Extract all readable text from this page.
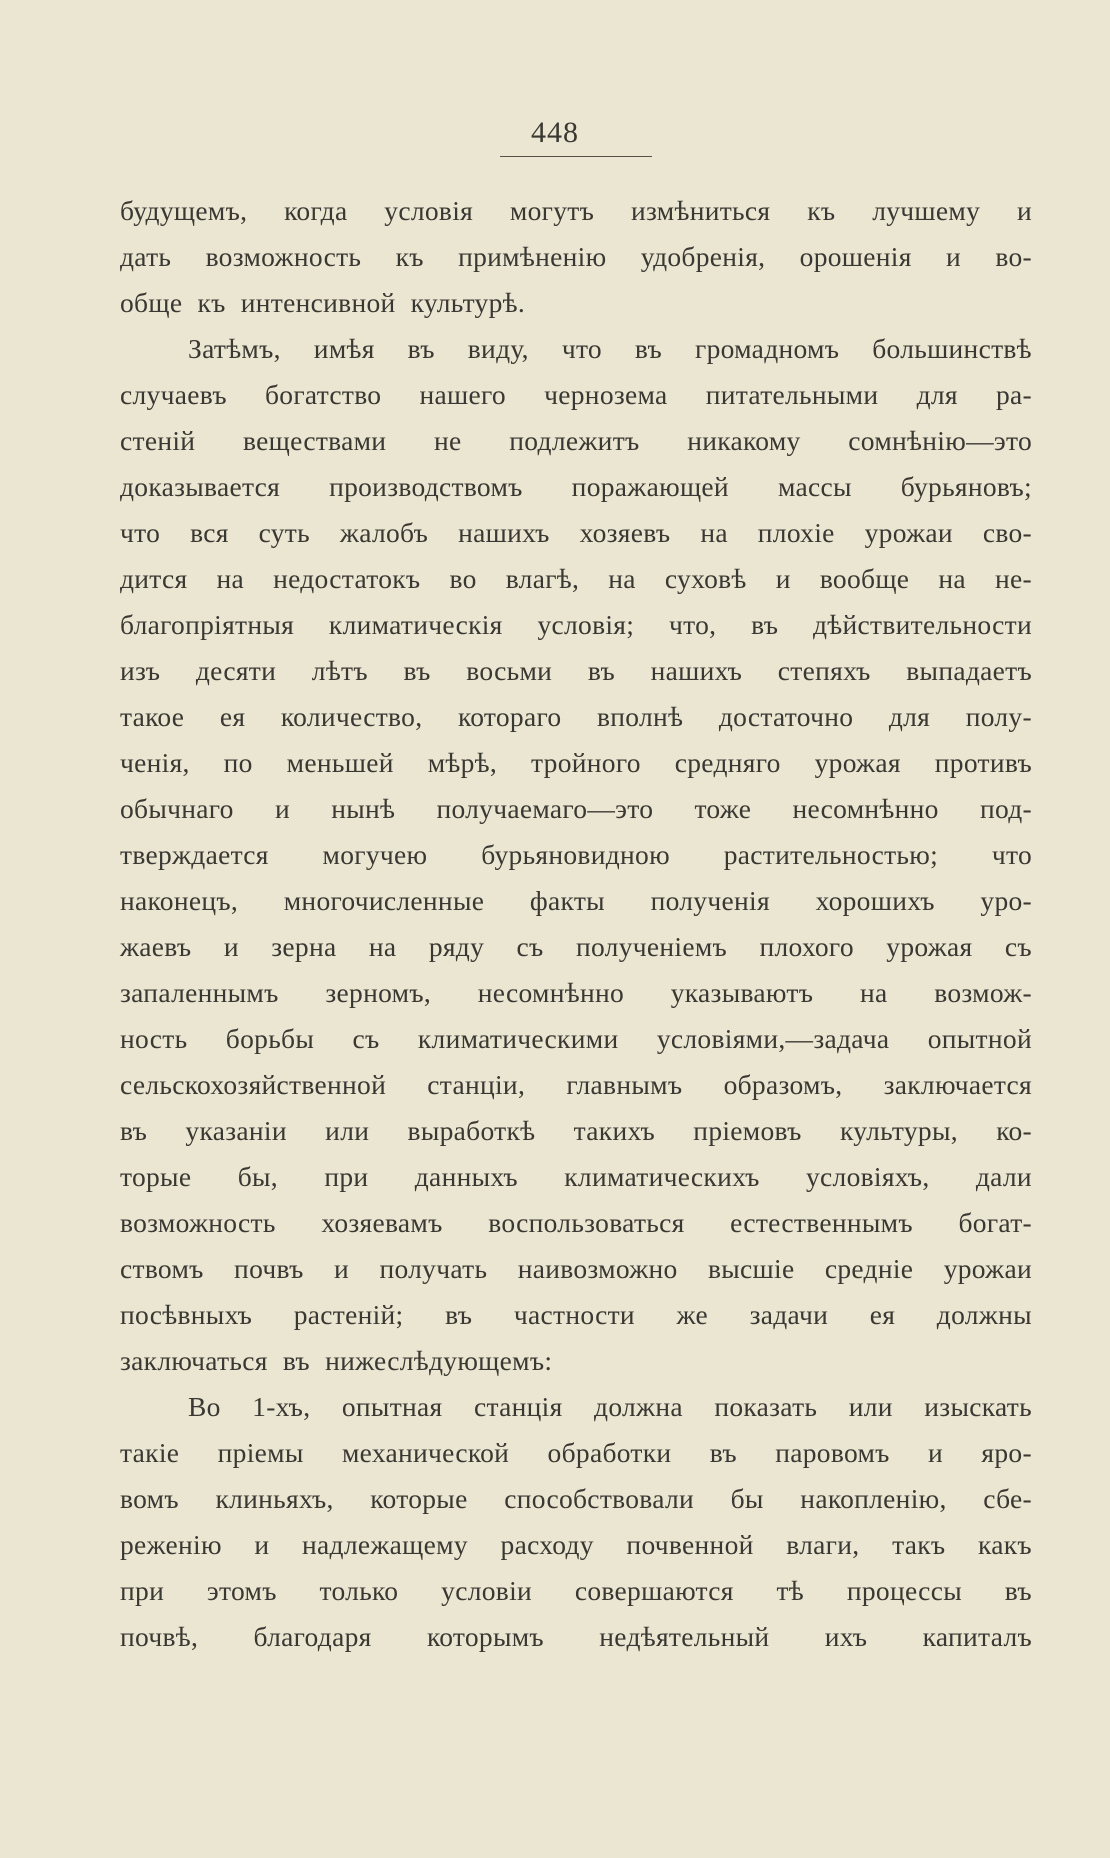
448
будущемъ, когда условія могутъ измѣниться къ лучшему и
дать возможность къ примѣненію удобренія, орошенія и во-
обще къ интенсивной культурѣ.
Затѣмъ, имѣя въ виду, что въ громадномъ большинствѣ
случаевъ богатство нашего чернозема питательными для ра-
стеній веществами не подлежитъ никакому сомнѣнію—это
доказывается производствомъ поражающей массы бурьяновъ;
что вся суть жалобъ нашихъ хозяевъ на плохіе урожаи сво-
дится на недостатокъ во влагѣ, на суховѣ и вообще на не-
благопріятныя климатическія условія; что, въ дѣйствительности
изъ десяти лѣтъ въ восьми въ нашихъ степяхъ выпадаетъ
такое ея количество, котораго вполнѣ достаточно для полу-
ченія, по меньшей мѣрѣ, тройного средняго урожая противъ
обычнаго и нынѣ получаемаго—это тоже несомнѣнно под-
тверждается могучею бурьяновидною растительностью; что
наконецъ, многочисленные факты полученія хорошихъ уро-
жаевъ и зерна на ряду съ полученіемъ плохого урожая съ
запаленнымъ зерномъ, несомнѣнно указываютъ на возмож-
ность борьбы съ климатическими условіями,—задача опытной
сельскохозяйственной станціи, главнымъ образомъ, заключается
въ указаніи или выработкѣ такихъ пріемовъ культуры, ко-
торые бы, при данныхъ климатическихъ условіяхъ, дали
возможность хозяевамъ воспользоваться естественнымъ богат-
ствомъ почвъ и получать наивозможно высшіе средніе урожаи
посѣвныхъ растеній; въ частности же задачи ея должны
заключаться въ нижеслѣдующемъ:
Во 1-хъ, опытная станція должна показать или изыскать
такіе пріемы механической обработки въ паровомъ и яро-
вомъ клиньяхъ, которые способствовали бы накопленію, сбе-
реженію и надлежащему расходу почвенной влаги, такъ какъ
при этомъ только условіи совершаются тѣ процессы въ
почвѣ, благодаря которымъ недѣятельный ихъ капиталъ
